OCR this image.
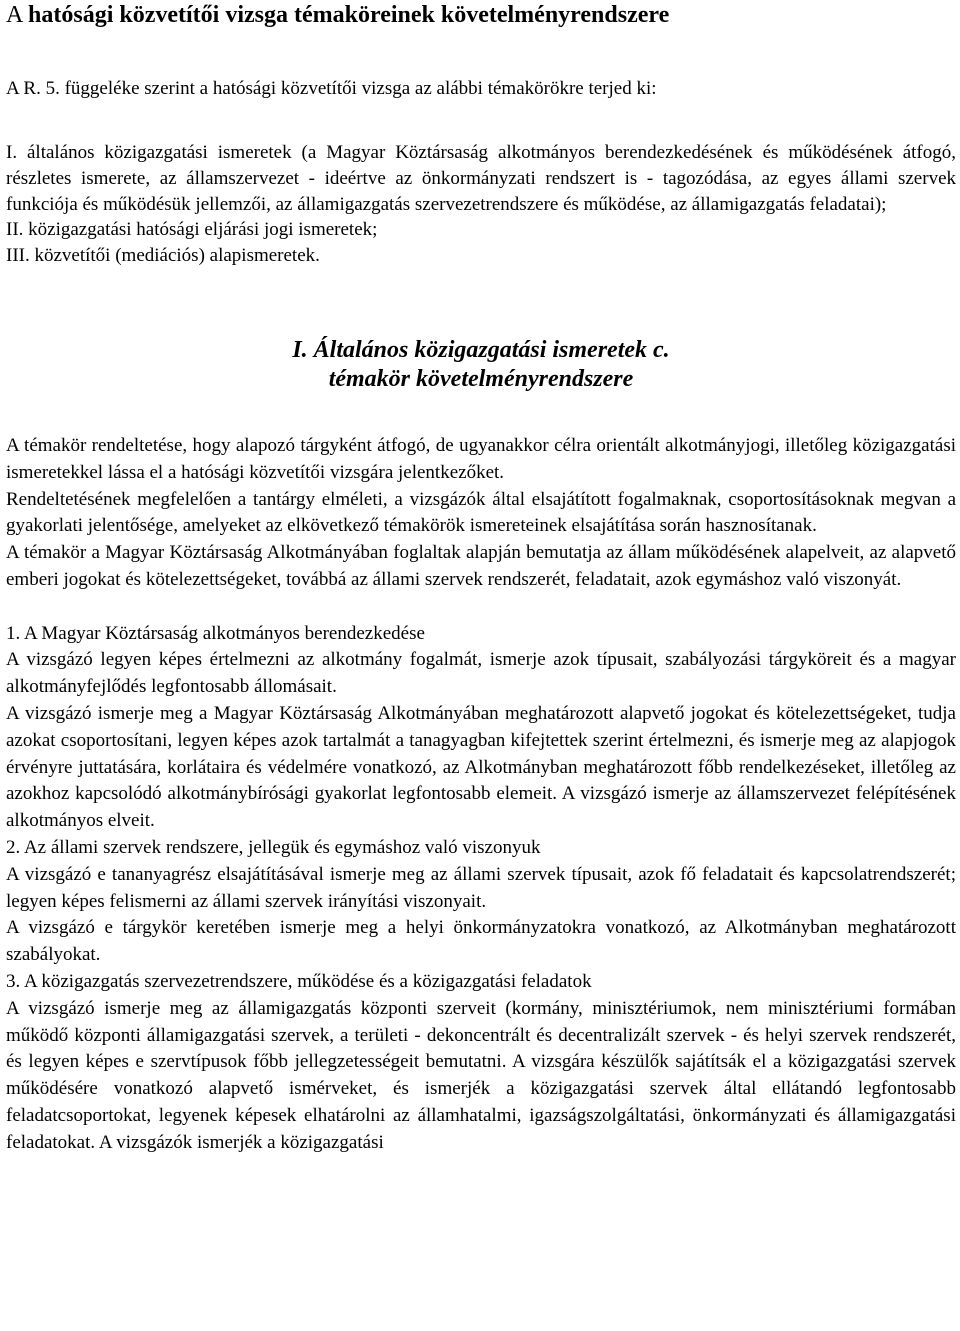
A hatósági közvetítői vizsga témaköreinek követelményrendszere

A R. 5. függeléke szerint a hatósági közvetítői vizsga az alábbi témakörökre terjed ki:

I. általános közigazgatási ismeretek (a Magyar Köztársaság alkotmányos berendezkedésének és működésének átfogó, részletes ismerete, az államszervezet - ideértve az önkormányzati rendszert is - tagozódása, az egyes állami szervek funkciója és működésük jellemzői, az államigazgatás szervezetrendszere és működése, az államigazgatás feladatai);

II. közigazgatási hatósági eljárási jogi ismeretek;

III. közvetítői (mediációs) alapismeretek.

I. Általános közigazgatási ismeretek c.
témakör követelményrendszere

A témakör rendeltetése, hogy alapozó tárgyként átfogó, de ugyanakkor célra orientált alkotmányjogi, illetőleg közigazgatási ismeretekkel lássa el a hatósági közvetítői vizsgára jelentkezőket.

Rendeltetésének megfelelően a tantárgy elméleti, a vizsgázók által elsajátított fogalmaknak, csoportosításoknak megvan a gyakorlati jelentősége, amelyeket az elkövetkező témakörök ismereteinek elsajátítása során hasznosítanak.

A témakör a Magyar Köztársaság Alkotmányában foglaltak alapján bemutatja az állam működésének alapelveit, az alapvető emberi jogokat és kötelezettségeket, továbbá az állami szervek rendszerét, feladatait, azok egymáshoz való viszonyát.

1. A Magyar Köztársaság alkotmányos berendezkedése

A vizsgázó legyen képes értelmezni az alkotmány fogalmát, ismerje azok típusait, szabályozási tárgyköreit és a magyar alkotmányfejlődés legfontosabb állomásait.

A vizsgázó ismerje meg a Magyar Köztársaság Alkotmányában meghatározott alapvető jogokat és kötelezettségeket, tudja azokat csoportosítani, legyen képes azok tartalmát a tanagyagban kifejtettek szerint értelmezni, és ismerje meg az alapjogok érvényre juttatására, korlátaira és védelmére vonatkozó, az Alkotmányban meghatározott főbb rendelkezéseket, illetőleg az azokhoz kapcsolódó alkotmánybírósági gyakorlat legfontosabb elemeit. A vizsgázó ismerje az államszervezet felépítésének alkotmányos elveit.

2. Az állami szervek rendszere, jellegük és egymáshoz való viszonyuk

A vizsgázó e tananyagrész elsajátításával ismerje meg az állami szervek típusait, azok fő feladatait és kapcsolatrendszerét; legyen képes felismerni az állami szervek irányítási viszonyait.

A vizsgázó e tárgykör keretében ismerje meg a helyi önkormányzatokra vonatkozó, az Alkotmányban meghatározott szabályokat.

3. A közigazgatás szervezetrendszere, működése és a közigazgatási feladatok

A vizsgázó ismerje meg az államigazgatás központi szerveit (kormány, minisztériumok, nem minisztériumi formában működő központi államigazgatási szervek, a területi - dekoncentrált és decentralizált szervek - és helyi szervek rendszerét, és legyen képes e szervtípusok főbb jellegzetességeit bemutatni. A vizsgára készülők sajátítsák el a közigazgatási szervek működésére vonatkozó alapvető ismérveket, és ismerjék a közigazgatási szervek által ellátandó legfontosabb feladatcsoportokat, legyenek képesek elhatárolni az államhatalmi, igazságszolgáltatási, önkormányzati és államigazgatási feladatokat. A vizsgázók ismerjék a közigazgatási
